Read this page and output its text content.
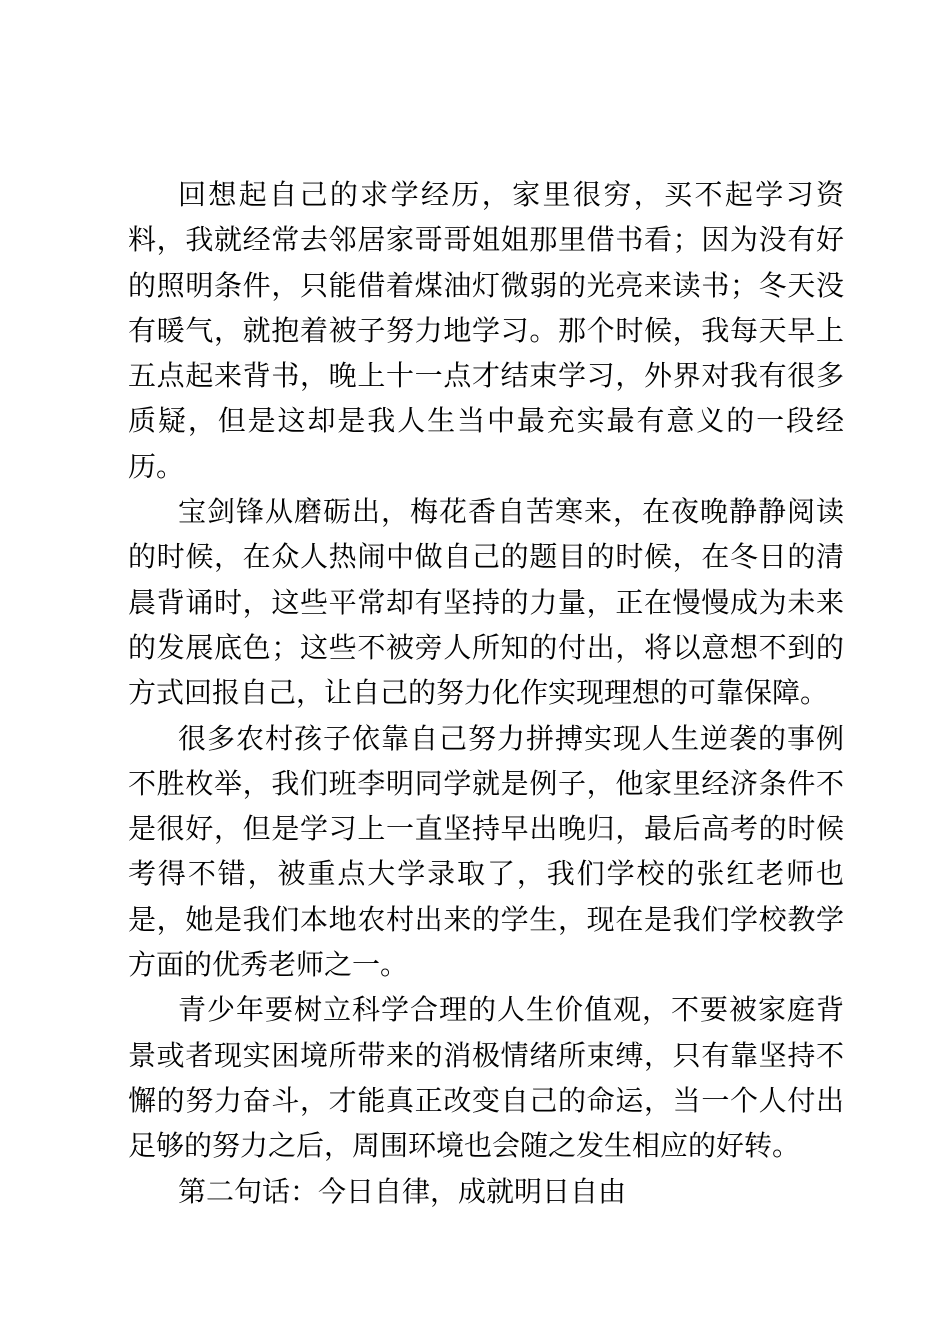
回想起自己的求学经历，家里很穷，买不起学习资料，我就经常去邻居家哥哥姐姐那里借书看；因为没有好的照明条件，只能借着煤油灯微弱的光亮来读书；冬天没有暖气，就抱着被子努力地学习。那个时候，我每天早上五点起来背书，晚上十一点才结束学习，外界对我有很多质疑，但是这却是我人生当中最充实最有意义的一段经历。

宝剑锋从磨砺出，梅花香自苦寒来，在夜晚静静阅读的时候，在众人热闹中做自己的题目的时候，在冬日的清晨背诵时，这些平常却有坚持的力量，正在慢慢成为未来的发展底色；这些不被旁人所知的付出，将以意想不到的方式回报自己，让自己的努力化作实现理想的可靠保障。

很多农村孩子依靠自己努力拼搏实现人生逆袭的事例不胜枚举，我们班李明同学就是例子，他家里经济条件不是很好，但是学习上一直坚持早出晚归，最后高考的时候考得不错，被重点大学录取了，我们学校的张红老师也是，她是我们本地农村出来的学生，现在是我们学校教学方面的优秀老师之一。

青少年要树立科学合理的人生价值观，不要被家庭背景或者现实困境所带来的消极情绪所束缚，只有靠坚持不懈的努力奋斗，才能真正改变自己的命运，当一个人付出足够的努力之后，周围环境也会随之发生相应的好转。

第二句话：今日自律，成就明日自由
